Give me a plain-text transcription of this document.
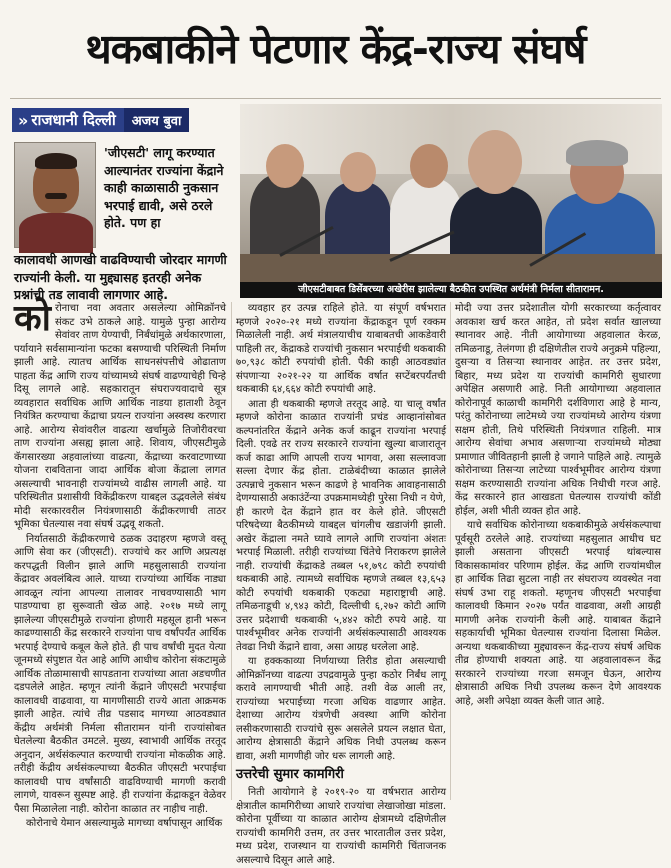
थकबाकीने पेटणार केंद्र-राज्य संघर्ष
» राजधानी दिल्ली	अजय बुवा
'जीएसटी' लागू करण्यात आल्यानंतर राज्यांना केंद्राने काही काळासाठी नुकसान भरपाई द्यावी, असे ठरले होते. पण हा
कालावधी आणखी वाढविण्याची जोरदार मागणी राज्यांनी केली. या मुद्द्यासह इतरही अनेक प्रश्नांची तड लावावी लागणार आहे.	जीएसटीबाबत डिसेंबरच्या अखेरीस झालेल्या बैठकीत उपस्थित अर्थमंत्री निर्मला सीतारामन.

कोरोनाचा नवा अवतार असलेल्या ओमिक्रॉनचे संकट उभे ठाकले आहे. यामुळे पुन्हा आरोग्य सेवांवर ताण येण्याची, निर्बंधांमुळे अर्थकारणाला, पर्यायाने सर्वसामान्यांना फटका बसण्याची परिस्थिती निर्माण झाली आहे. त्यातच आर्थिक साधनसंपत्तीचे ओढाताण पाहता केंद्र आणि राज्य यांच्यामध्ये संघर्ष वाढण्याचेही चिन्हे दिसू लागले आहे. सहकारातून संघराज्यवादाचे सूत्र व्यवहारात सर्वाधिक आणि आर्थिक नाडया हाताशी ठेवून नियंत्रित करण्याचा केंद्राचा प्रयत्न राज्यांना अस्वस्थ करणारा आहे. आरोग्य सेवांवरील वाढत्या खर्चामुळे तिजोरीवरचा ताण राज्यांना असह्य झाला आहे. शिवाय, जीएसटीमुळे कॅगसारख्या अहवालांच्या वाढत्या, केंद्राच्या करवाटणाच्या योजना राबविताना जादा आर्थिक बोजा केंद्राला लागत असल्याची भावनाही राज्यांमध्ये वाढीस लागली आहे. या परिस्थितीत प्रशासीयी विकेंद्रीकरण याबद्दल उद्भवलेले संबंध मोदी सरकारवरील नियंत्रणासाठी केंद्रीकरणाची ताठर भूमिका घेतल्यास नवा संघर्ष उद्भवू शकतो.

निर्यातसाठी केंद्रीकरणाचे ठळक उदाहरण म्हणजे वस्तू आणि सेवा कर (जीएसटी). राज्यांचे कर आणि अप्रत्यक्ष करपद्धती विलीन झाले आणि महसुलासाठी राज्यांना केंद्रावर अवलंबित्व आले. याच्या राज्यांच्या आर्थिक नाड्या आवळून त्यांना आपल्या तालावर नाचवण्यासाठी भाग पाडण्याचा हा सुरूवाती खेळ आहे. २०१७ मध्ये लागू झालेल्या जीएसटीमुळे राज्यांना होणारी महसूल हानी भरून काढण्यासाठी केंद्र सरकारने राज्यांना पाच वर्षांपर्यंत आर्थिक भरपाई देण्याचे कबूल केले होते. ही पाच वर्षांची मुदत येत्या जूनमध्ये संपुष्टात येत आहे आणि आधीच कोरोना संकटामुळे आर्थिक तोळामासाची सापडताना राज्यांच्या आता अडचणीत दडपलेले आहेत. म्हणून त्यांनी केंद्राने जीएसटी भरपाईचा कालावधी वाढवावा, या मागणीसाठी राज्ये आता आक्रमक झाली आहेत. त्यांचे तीव्र पडसाद मागच्या आठवड्यात केंद्रीय अर्थमंत्री निर्मला सीतारामन यांनी राज्यांसोबत घेतलेल्या बैठकीत उमटले. मुख्य, स्वाभावी आर्थिक तरतूद अनुदान, अर्थसंकल्पात करण्याची राज्यांना मोकळीक आहे. तरीही केंद्रीय अर्थसंकल्पाच्या बैठकीत जीएसटी भरपाईचा कालावधी पाच वर्षांसाठी वाढविण्याची मागणी करावी लागणे, यावरून सुस्पष्ट आहे. ही राज्यांना केंद्राकडून वेळेवर पैसा मिळालेला नाही. कोरोना काळात तर नाहीच नाही.

कोरोनाचे येमान असल्यामुळे मागच्या वर्षापासून आर्थिक

व्यवहार हर उत्पन्न राहिले होते. या संपूर्ण वर्षभरात म्हणजे २०२०-२१ मध्ये राज्यांना केंद्राकडून पूर्ण रक्कम मिळालेली नाही. अर्थ मंत्रालयाचीच याबाबतची आकडेवारी पाहिली तर, केंद्राकडे राज्यांची नुकसान भरपाईची थकबाकी ७०,९३८ कोटी रुपयांची होती. पैकी काही आठवड्यांत संपणाऱ्या २०२१-२२ या आर्थिक वर्षात सप्टेंबरपर्यंतची थकबाकी ६४,६६४ कोटी रुपयांची आहे.

आता ही थकबाकी म्हणजे तरतूद आहे. या चालू वर्षांत म्हणजे कोरोना काळात राज्यांनी प्रचंड आव्हानांसोबत कल्पनांतरित केंद्राने अनेक कर्ज काढून राज्यांना भरपाई दिली. एवढे तर राज्य सरकारने राज्यांना खुल्या बाजारातून कर्ज काढा आणि आपली राज्य भागवा, असा सल्लावजा सल्ला देणार केंद्र होता. टाळेबंदीच्या काळात झालेले उत्पन्नाचे नुकसान भरून काढणे हे भावनिक आवाहनासाठी देणग्यासाठी अकाउंटेंन्या उपक्रमामध्येही पुरेसा निधी न येणे, ही कारणे देत केंद्राने हात वर केले होते. जीएसटी परिषदेच्या बैठकीमध्ये याबद्दल चांगलीच खडाजंगी झाली. अखेर केंद्राला नमते घ्यावे लागले आणि राज्यांना अंशतः भरपाई मिळाली. तरीही राज्यांच्या चिंतेचे निराकरण झालेले नाही. राज्यांची केंद्राकडे तब्बल ५१,७९८ कोटी रुपयांची थकबाकी आहे. त्यामध्ये सर्वाधिक म्हणजे तब्बल १३,६५३ कोटी रुपयांची थकबाकी एकट्या महाराष्ट्राची आहे. तमिळनाडूची ४,९४३ कोटी, दिल्लीची ६,२७२ कोटी आणि उत्तर प्रदेशाची थकबाकी ५,४४२ कोटी रुपये आहे. या पार्श्वभूमीवर अनेक राज्यांनी अर्थसंकल्पासाठी आवश्यक तेवढा निधी केंद्राने द्यावा, असा आग्रह धरलेला आहे.

या हक्ककाव्या निर्णयाच्या तिरीड होता असल्याची ओमिक्रॉनच्या वाढत्या उपद्रवामुळे पुन्हा कठोर निर्बंध लागू करावे लागण्याची भीती आहे. तशी वेळ आली तर, राज्यांच्या भरपाईच्या गरजा अधिक वाढणार आहेत. देशाच्या आरोग्य यंत्रणेची अवस्था आणि कोरोना लसीकरणासाठी राज्यांचे सुरू असलेले प्रयत्न लक्षात घेता, आरोग्य क्षेत्रासाठी केंद्राने अधिक निधी उपलब्ध करून द्यावा, अशी मागणीही जोर धरू लागली आहे.

उत्तरेची सुमार कामगिरी

निती आयोगाने हे २०१९-२० या वर्षभरात आरोग्य क्षेत्रातील कामगिरीच्या आधारे राज्यांचा लेखाजोखा मांडला. कोरोना पूर्वीच्या या काळात आरोग्य क्षेत्रामध्ये दक्षिणेतील राज्यांची कामगिरी उत्तम, तर उत्तर भारतातील उत्तर प्रदेश, मध्य प्रदेश, राजस्थान या राज्यांची कामगिरी चिंताजनक असल्याचे दिसून आले आहे.

मोदी ज्या उत्तर प्रदेशातील योगी सरकारच्या कर्तृत्वावर अवकाश खर्च करत आहेत, तो प्रदेश सर्वात खालच्या स्थानावर आहे. नीती आयोगाच्या अहवालात केरळ, तमिळनाडू, तेलंगणा ही दक्षिणेतील राज्ये अनुक्रमे पहिल्या, दुसऱ्या व तिसऱ्या स्थानावर आहेत. तर उत्तर प्रदेश, बिहार, मध्य प्रदेश या राज्यांची कामगिरी सुधारणा अपेक्षित असणारी आहे. निती आयोगाच्या अहवालात कोरोनापूर्व काळाची कामगिरी दर्शविणारा आहे हे मान्य, परंतु कोरोनाच्या लाटेमध्ये ज्या राज्यांमध्ये आरोग्य यंत्रणा सक्षम होती, तिथे परिस्थिती नियंत्रणात राहिली. मात्र आरोग्य सेवांचा अभाव असणाऱ्या राज्यांमध्ये मोठ्या प्रमाणात जीवितहानी झाली हे जगाने पाहिले आहे. त्यामुळे कोरोनाच्या तिसऱ्या लाटेच्या पार्श्वभूमीवर आरोग्य यंत्रणा सक्षम करण्यासाठी राज्यांना अधिक निधीची गरज आहे. केंद्र सरकारने हात आखडता घेतल्यास राज्यांची कोंडी होईल, अशी भीती व्यक्त होत आहे.

याचे सर्वाधिक कोरोनाच्या थकबाकीमुळे अर्थसंकल्पाचा पूर्वसूरी ठरलेले आहे. राज्यांच्या महसुलात आधीच घट झाली असताना जीएसटी भरपाई थांबल्यास विकासकामांवर परिणाम होईल. केंद्र आणि राज्यांमधील हा आर्थिक तिढा सुटला नाही तर संघराज्य व्यवस्थेत नवा संघर्ष उभा राहू शकतो. म्हणूनच जीएसटी भरपाईचा कालावधी किमान २०२७ पर्यंत वाढवावा, अशी आग्रही मागणी अनेक राज्यांनी केली आहे. याबाबत केंद्राने सहकार्याची भूमिका घेतल्यास राज्यांना दिलासा मिळेल. अन्यथा थकबाकीच्या मुद्द्यावरून केंद्र-राज्य संघर्ष अधिक तीव्र होण्याची शक्यता आहे. या अहवालावरून केंद्र सरकारने राज्यांच्या गरजा समजून घेऊन, आरोग्य क्षेत्रासाठी अधिक निधी उपलब्ध करून देणे आवश्यक आहे, अशी अपेक्षा व्यक्त केली जात आहे.
